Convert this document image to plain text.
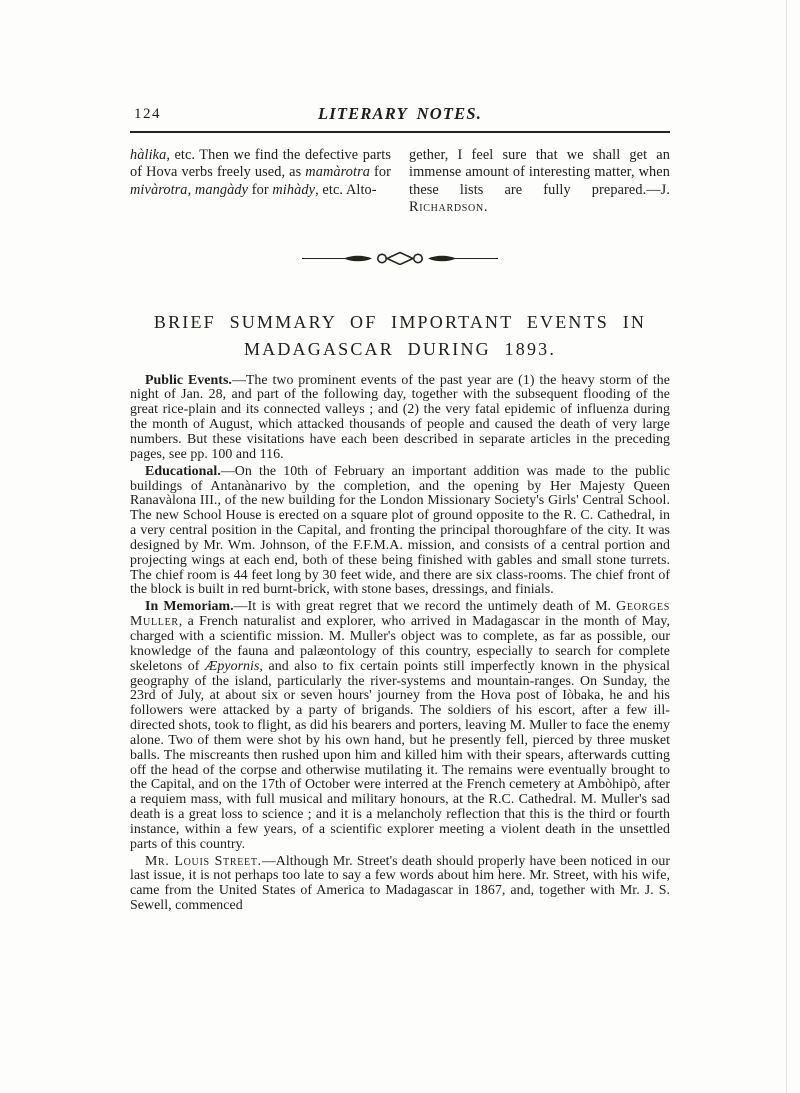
124	LITERARY NOTES.
hàlika, etc. Then we find the defective parts of Hova verbs freely used, as mamàrotra for mivàrotra, mangàdy for mihàdy, etc. Alto-
gether, I feel sure that we shall get an immense amount of interesting matter, when these lists are fully prepared.—J. Richardson.
BRIEF SUMMARY OF IMPORTANT EVENTS IN
MADAGASCAR DURING 1893.

Public Events.—The two prominent events of the past year are (1) the heavy storm of the night of Jan. 28, and part of the following day, together with the subsequent flooding of the great rice-plain and its connected valleys ; and (2) the very fatal epidemic of influenza during the month of August, which attacked thousands of people and caused the death of very large numbers. But these visitations have each been described in separate articles in the preceding pages, see pp. 100 and 116.

Educational.—On the 10th of February an important addition was made to the public buildings of Antanànarivo by the completion, and the opening by Her Majesty Queen Ranavàlona III., of the new building for the London Missionary Society's Girls' Central School. The new School House is erected on a square plot of ground opposite to the R. C. Cathedral, in a very central position in the Capital, and fronting the principal thoroughfare of the city. It was designed by Mr. Wm. Johnson, of the F.F.M.A. mission, and consists of a central portion and projecting wings at each end, both of these being finished with gables and small stone turrets. The chief room is 44 feet long by 30 feet wide, and there are six class-rooms. The chief front of the block is built in red burnt-brick, with stone bases, dressings, and finials.

In Memoriam.—It is with great regret that we record the untimely death of M. Georges Muller, a French naturalist and explorer, who arrived in Madagascar in the month of May, charged with a scientific mission. M. Muller's object was to complete, as far as possible, our knowledge of the fauna and palæontology of this country, especially to search for complete skeletons of Æpyornis, and also to fix certain points still imperfectly known in the physical geography of the island, particularly the river-systems and mountain-ranges. On Sunday, the 23rd of July, at about six or seven hours' journey from the Hova post of Iòbaka, he and his followers were attacked by a party of brigands. The soldiers of his escort, after a few ill-directed shots, took to flight, as did his bearers and porters, leaving M. Muller to face the enemy alone. Two of them were shot by his own hand, but he presently fell, pierced by three musket balls. The miscreants then rushed upon him and killed him with their spears, afterwards cutting off the head of the corpse and otherwise mutilating it. The remains were eventually brought to the Capital, and on the 17th of October were interred at the French cemetery at Ambòhipò, after a requiem mass, with full musical and military honours, at the R.C. Cathedral. M. Muller's sad death is a great loss to science ; and it is a melancholy reflection that this is the third or fourth instance, within a few years, of a scientific explorer meeting a violent death in the unsettled parts of this country.

Mr. Louis Street.—Although Mr. Street's death should properly have been noticed in our last issue, it is not perhaps too late to say a few words about him here. Mr. Street, with his wife, came from the United States of America to Madagascar in 1867, and, together with Mr. J. S. Sewell, commenced
